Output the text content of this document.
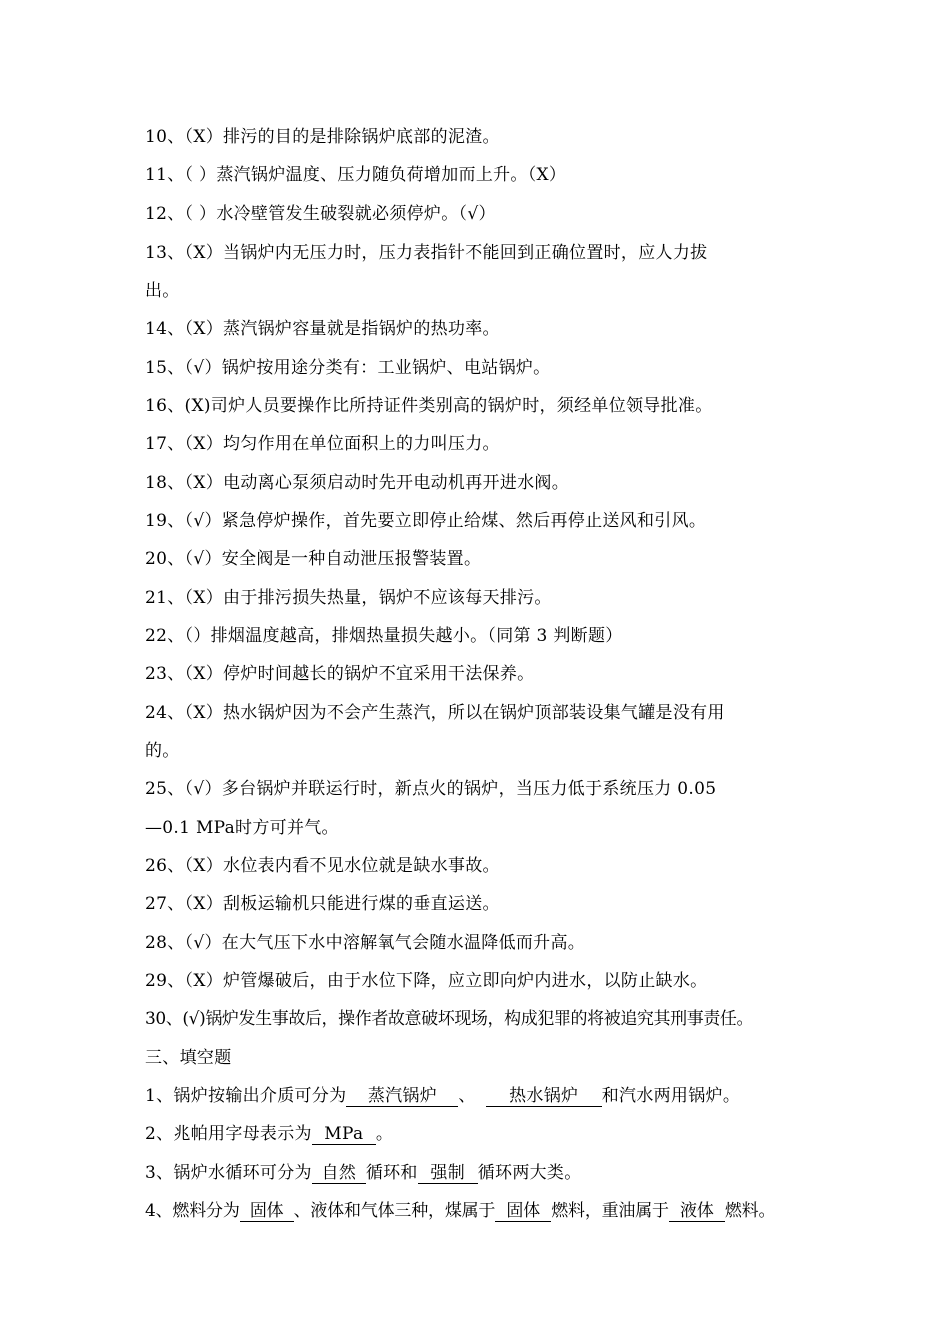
10、（X）排污的目的是排除锅炉底部的泥渣。
11、（ ）蒸汽锅炉温度、压力随负荷增加而上升。（X）
12、（ ）水冷壁管发生破裂就必须停炉。（√）
13、（X）当锅炉内无压力时，压力表指针不能回到正确位置时，应人力拔
出。
14、（X）蒸汽锅炉容量就是指锅炉的热功率。
15、（√）锅炉按用途分类有：工业锅炉、电站锅炉。
16、(X)司炉人员要操作比所持证件类别高的锅炉时，须经单位领导批准。
17、（X）均匀作用在单位面积上的力叫压力。
18、（X）电动离心泵须启动时先开电动机再开进水阀。
19、（√）紧急停炉操作，首先要立即停止给煤、然后再停止送风和引风。
20、（√）安全阀是一种自动泄压报警装置。
21、（X）由于排污损失热量，锅炉不应该每天排污。
22、（）排烟温度越高，排烟热量损失越小。（同第 3 判断题）
23、（X）停炉时间越长的锅炉不宜采用干法保养。
24、（X）热水锅炉因为不会产生蒸汽，所以在锅炉顶部装设集气罐是没有用
的。
25、（√）多台锅炉并联运行时，新点火的锅炉，当压力低于系统压力 0.05
—0.1 MPa时方可并气。
26、（X）水位表内看不见水位就是缺水事故。
27、（X）刮板运输机只能进行煤的垂直运送。
28、（√）在大气压下水中溶解氧气会随水温降低而升高。
29、（X）炉管爆破后，由于水位下降，应立即向炉内进水，以防止缺水。
30、(√)锅炉发生事故后，操作者故意破坏现场，构成犯罪的将被追究其刑事责任。
三、填空题
1、锅炉按输出介质可分为 蒸汽锅炉 、 热水锅炉 和汽水两用锅炉。
2、兆帕用字母表示为 MPa 。
3、锅炉水循环可分为 自然 循环和 强制 循环两大类。
4、燃料分为 固体 、液体和气体三种，煤属于 固体 燃料，重油属于 液体 燃料。
